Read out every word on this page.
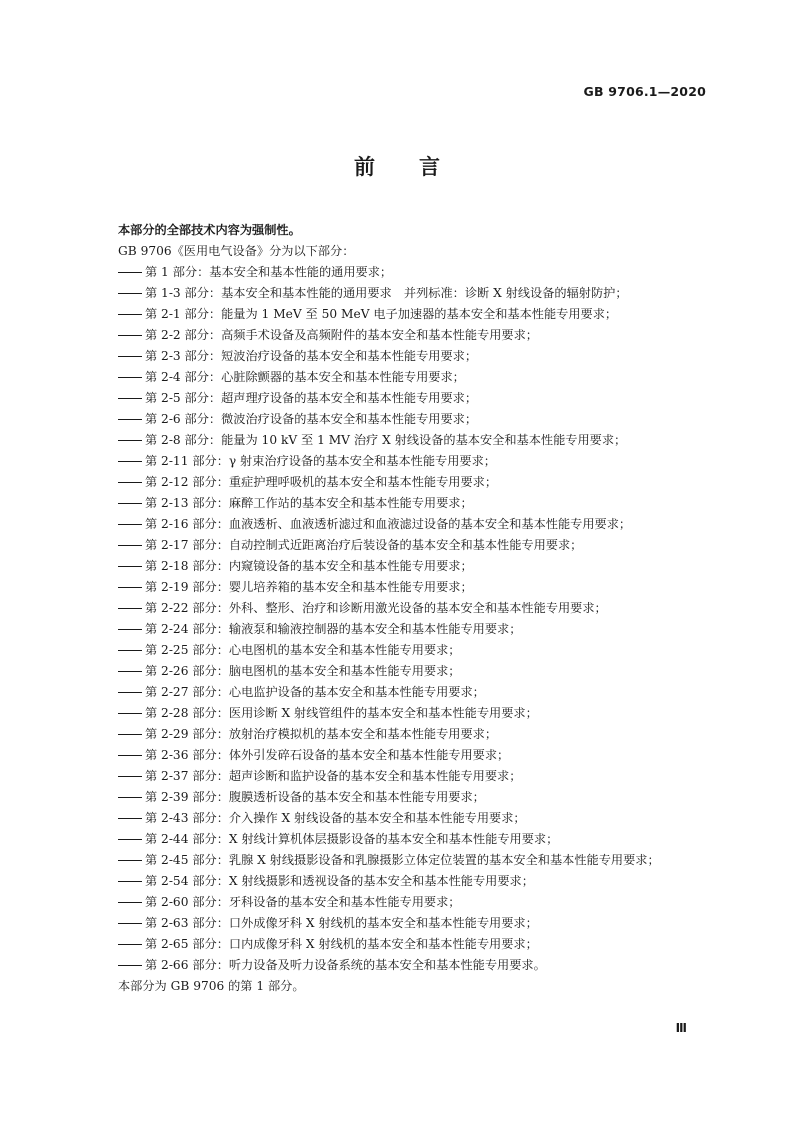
GB 9706.1—2020
前言
本部分的全部技术内容为强制性。
GB 9706《医用电气设备》分为以下部分：
第 1 部分：基本安全和基本性能的通用要求；
第 1-3 部分：基本安全和基本性能的通用要求　并列标准：诊断 X 射线设备的辐射防护；
第 2-1 部分：能量为 1 MeV 至 50 MeV 电子加速器的基本安全和基本性能专用要求；
第 2-2 部分：高频手术设备及高频附件的基本安全和基本性能专用要求；
第 2-3 部分：短波治疗设备的基本安全和基本性能专用要求；
第 2-4 部分：心脏除颤器的基本安全和基本性能专用要求；
第 2-5 部分：超声理疗设备的基本安全和基本性能专用要求；
第 2-6 部分：微波治疗设备的基本安全和基本性能专用要求；
第 2-8 部分：能量为 10 kV 至 1 MV 治疗 X 射线设备的基本安全和基本性能专用要求；
第 2-11 部分：γ 射束治疗设备的基本安全和基本性能专用要求；
第 2-12 部分：重症护理呼吸机的基本安全和基本性能专用要求；
第 2-13 部分：麻醉工作站的基本安全和基本性能专用要求；
第 2-16 部分：血液透析、血液透析滤过和血液滤过设备的基本安全和基本性能专用要求；
第 2-17 部分：自动控制式近距离治疗后装设备的基本安全和基本性能专用要求；
第 2-18 部分：内窥镜设备的基本安全和基本性能专用要求；
第 2-19 部分：婴儿培养箱的基本安全和基本性能专用要求；
第 2-22 部分：外科、整形、治疗和诊断用激光设备的基本安全和基本性能专用要求；
第 2-24 部分：输液泵和输液控制器的基本安全和基本性能专用要求；
第 2-25 部分：心电图机的基本安全和基本性能专用要求；
第 2-26 部分：脑电图机的基本安全和基本性能专用要求；
第 2-27 部分：心电监护设备的基本安全和基本性能专用要求；
第 2-28 部分：医用诊断 X 射线管组件的基本安全和基本性能专用要求；
第 2-29 部分：放射治疗模拟机的基本安全和基本性能专用要求；
第 2-36 部分：体外引发碎石设备的基本安全和基本性能专用要求；
第 2-37 部分：超声诊断和监护设备的基本安全和基本性能专用要求；
第 2-39 部分：腹膜透析设备的基本安全和基本性能专用要求；
第 2-43 部分：介入操作 X 射线设备的基本安全和基本性能专用要求；
第 2-44 部分：X 射线计算机体层摄影设备的基本安全和基本性能专用要求；
第 2-45 部分：乳腺 X 射线摄影设备和乳腺摄影立体定位装置的基本安全和基本性能专用要求；
第 2-54 部分：X 射线摄影和透视设备的基本安全和基本性能专用要求；
第 2-60 部分：牙科设备的基本安全和基本性能专用要求；
第 2-63 部分：口外成像牙科 X 射线机的基本安全和基本性能专用要求；
第 2-65 部分：口内成像牙科 X 射线机的基本安全和基本性能专用要求；
第 2-66 部分：听力设备及听力设备系统的基本安全和基本性能专用要求。
本部分为 GB 9706 的第 1 部分。
Ⅲ
